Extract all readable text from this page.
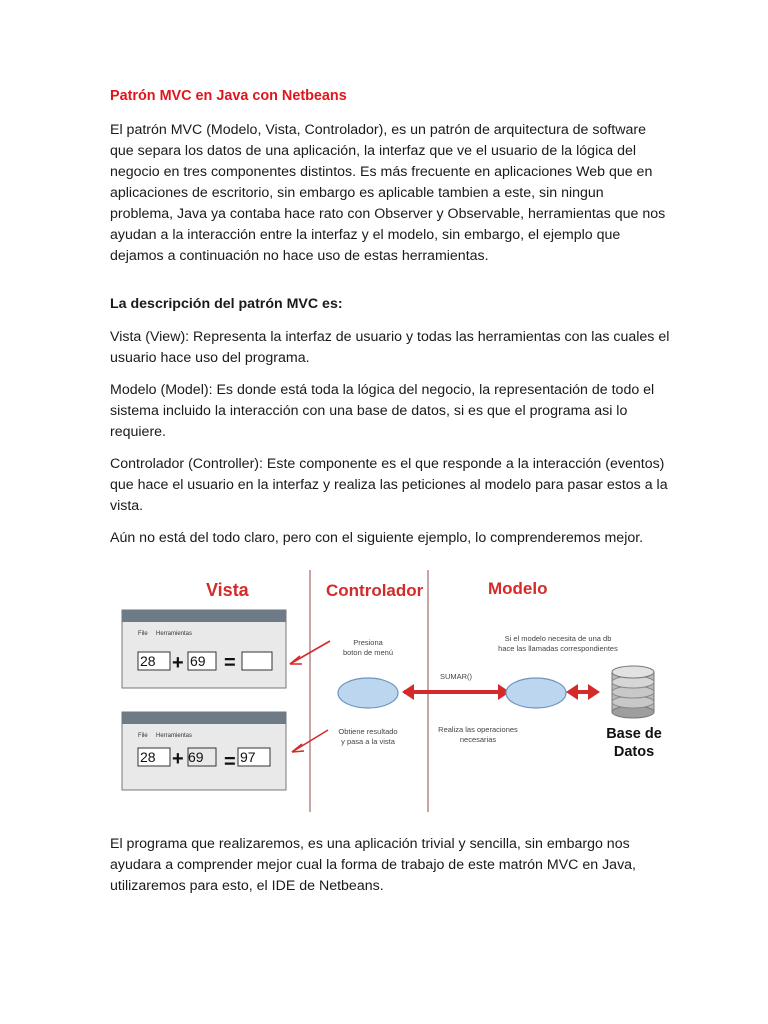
Patrón MVC en Java con Netbeans

El patrón MVC (Modelo, Vista, Controlador), es un patrón de arquitectura de software que separa los datos de una aplicación, la interfaz que ve el usuario de la lógica del negocio en tres componentes distintos. Es más frecuente en aplicaciones Web que en aplicaciones de escritorio, sin embargo es aplicable tambien a este, sin ningun problema, Java ya contaba hace rato con Observer y Observable, herramientas que nos ayudan a la interacción entre la interfaz y el modelo, sin embargo, el ejemplo que dejamos a continuación no hace uso de estas herramientas.

La descripción del patrón MVC es:

Vista (View): Representa la interfaz de usuario y todas las herramientas con las cuales el usuario hace uso del programa.

Modelo (Model): Es donde está toda la lógica del negocio, la representación de todo el sistema incluido la interacción con una base de datos, si es que el programa asi lo requiere.

Controlador (Controller): Este componente es el que responde a la interacción (eventos) que hace el usuario en la interfaz y realiza las peticiones al modelo para pasar estos a la vista.

Aún no está del todo claro, pero con el siguiente ejemplo, lo comprenderemos mejor.

Vista	Controlador	Modelo
File Herramientas
28 + 69 =
File Herramientas
28 + 69 = 97
Presiona
boton de menú
Obtiene resultado
y pasa a la vista
SUMAR()
Si el modelo necesita de una db
hace las llamadas correspondientes
Realiza las operaciones
necesarias	Base de
Datos

El programa que realizaremos, es una aplicación trivial y sencilla, sin embargo nos ayudara a comprender mejor cual la forma de trabajo de este matrón MVC en Java, utilizaremos para esto, el IDE de Netbeans.
